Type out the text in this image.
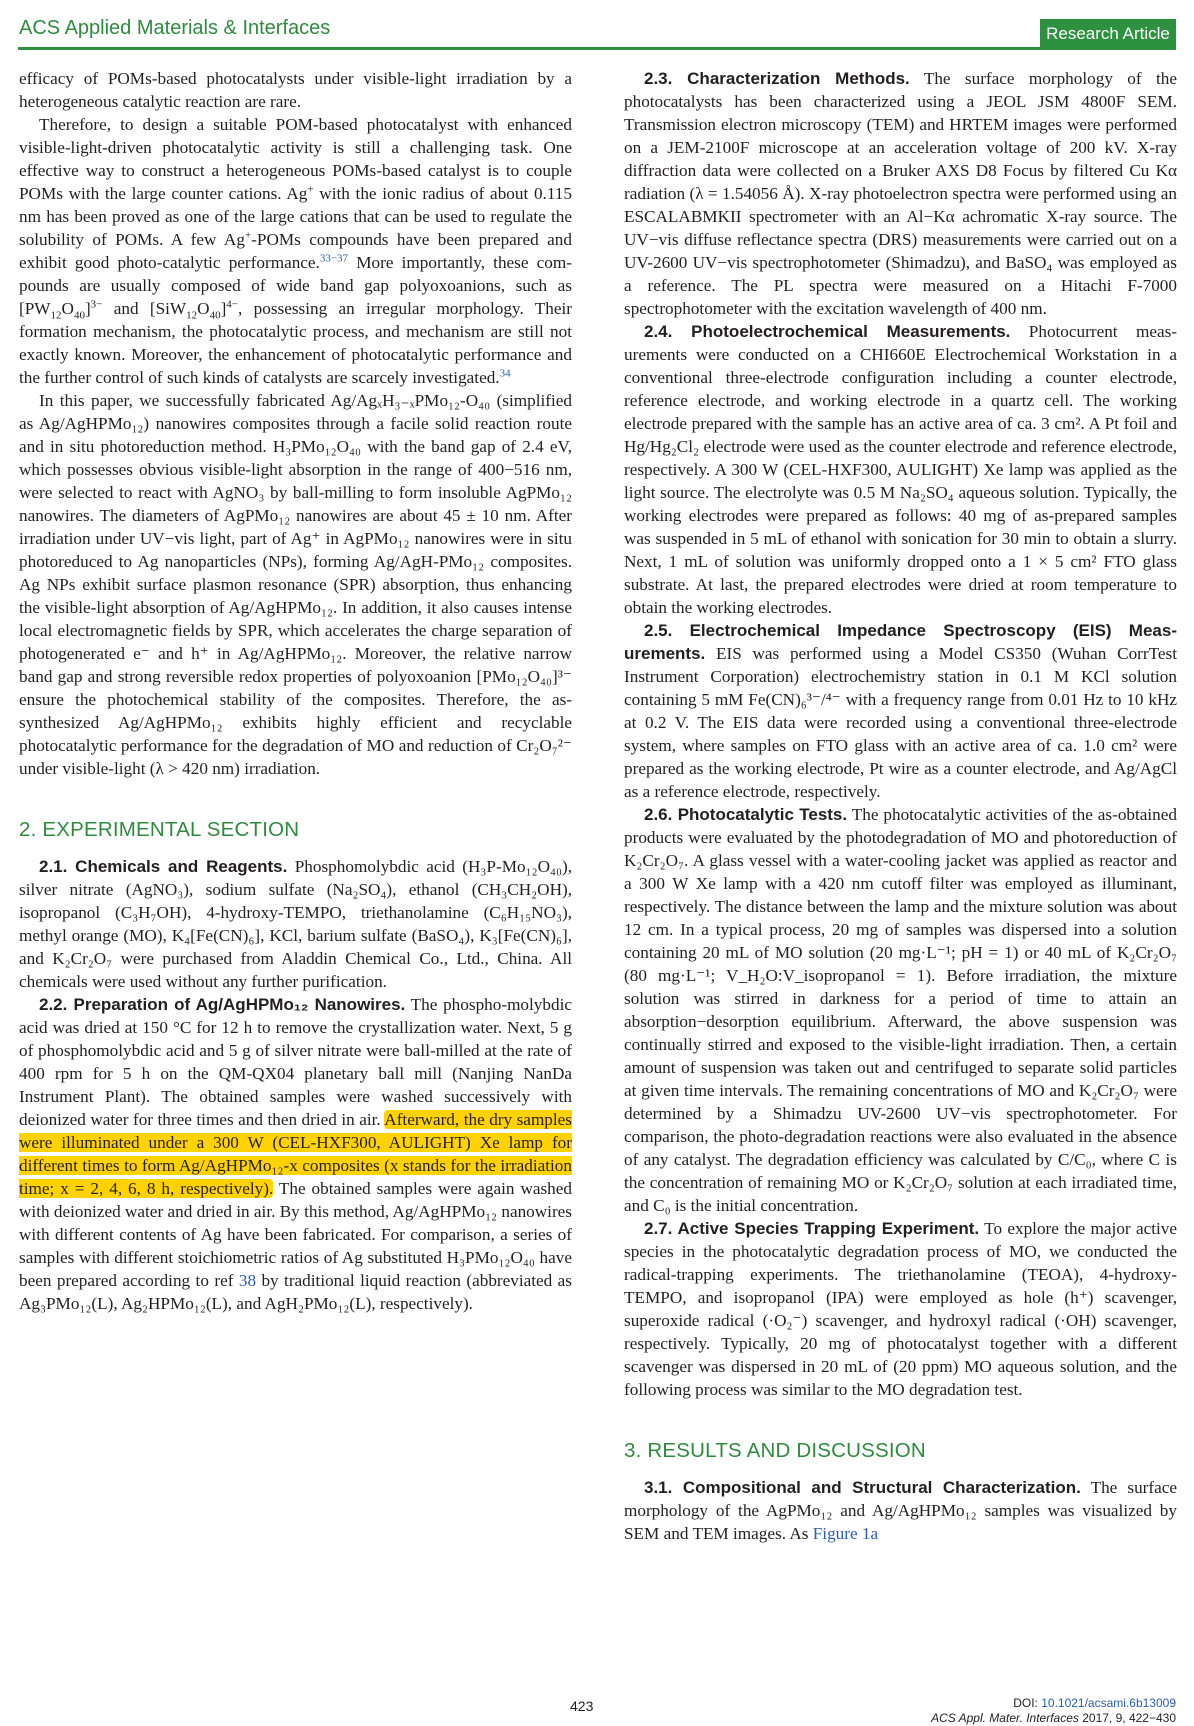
ACS Applied Materials & Interfaces	Research Article

efficacy of POMs-based photocatalysts under visible-light irradiation by a heterogeneous catalytic reaction are rare.

Therefore, to design a suitable POM-based photocatalyst with enhanced visible-light-driven photocatalytic activity is still a challenging task. One effective way to construct a heterogeneous POMs-based catalyst is to couple POMs with the large counter cations. Ag+ with the ionic radius of about 0.115 nm has been proved as one of the large cations that can be used to regulate the solubility of POMs. A few Ag+-POMs compounds have been prepared and exhibit good photo-catalytic performance.$^{33-37}$ More importantly, these com-pounds are usually composed of wide band gap polyoxoanions, such as $[PW_{12}O_{40}]^{3-}$ and $[SiW_{12}O_{40}]^{4-}$, possessing an irregular morphology. Their formation mechanism, the photocatalytic process, and mechanism are still not exactly known. Moreover, the enhancement of photocatalytic performance and the further control of such kinds of catalysts are scarcely investigated.$^{34}$

In this paper, we successfully fabricated Ag/AgₓH₃₋ₓPMo₁₂-O₄₀ (simplified as Ag/AgHPMo₁₂) nanowires composites through a facile solid reaction route and in situ photoreduction method. H₃PMo₁₂O₄₀ with the band gap of 2.4 eV, which possesses obvious visible-light absorption in the range of 400−516 nm, were selected to react with AgNO₃ by ball-milling to form insoluble AgPMo₁₂ nanowires. The diameters of AgPMo₁₂ nanowires are about 45 ± 10 nm. After irradiation under UV−vis light, part of Ag⁺ in AgPMo₁₂ nanowires were in situ photoreduced to Ag nanoparticles (NPs), forming Ag/AgH-PMo₁₂ composites. Ag NPs exhibit surface plasmon resonance (SPR) absorption, thus enhancing the visible-light absorption of Ag/AgHPMo₁₂. In addition, it also causes intense local electromagnetic fields by SPR, which accelerates the charge separation of photogenerated e⁻ and h⁺ in Ag/AgHPMo₁₂. Moreover, the relative narrow band gap and strong reversible redox properties of polyoxoanion [PMo₁₂O₄₀]³⁻ ensure the photochemical stability of the composites. Therefore, the as-synthesized Ag/AgHPMo₁₂ exhibits highly efficient and recyclable photocatalytic performance for the degradation of MO and reduction of Cr₂O₇²⁻ under visible-light (λ > 420 nm) irradiation.

2. EXPERIMENTAL SECTION

2.1. Chemicals and Reagents. Phosphomolybdic acid (H₃P-Mo₁₂O₄₀), silver nitrate (AgNO₃), sodium sulfate (Na₂SO₄), ethanol (CH₃CH₂OH), isopropanol (C₃H₇OH), 4-hydroxy-TEMPO, triethanolamine (C₆H₁₅NO₃), methyl orange (MO), K₄[Fe(CN)₆], KCl, barium sulfate (BaSO₄), K₃[Fe(CN)₆], and K₂Cr₂O₇ were purchased from Aladdin Chemical Co., Ltd., China. All chemicals were used without any further purification.

2.2. Preparation of Ag/AgHPMo₁₂ Nanowires. The phospho-molybdic acid was dried at 150 °C for 12 h to remove the crystallization water. Next, 5 g of phosphomolybdic acid and 5 g of silver nitrate were ball-milled at the rate of 400 rpm for 5 h on the QM-QX04 planetary ball mill (Nanjing NanDa Instrument Plant). The obtained samples were washed successively with deionized water for three times and then dried in air. Afterward, the dry samples were illuminated under a 300 W (CEL-HXF300, AULIGHT) Xe lamp for different times to form Ag/AgHPMo₁₂-x composites (x stands for the irradiation time; x = 2, 4, 6, 8 h, respectively). The obtained samples were again washed with deionized water and dried in air. By this method, Ag/AgHPMo₁₂ nanowires with different contents of Ag have been fabricated. For comparison, a series of samples with different stoichiometric ratios of Ag substituted H₃PMo₁₂O₄₀ have been prepared according to ref 38 by traditional liquid reaction (abbreviated as Ag₃PMo₁₂(L), Ag₂HPMo₁₂(L), and AgH₂PMo₁₂(L), respectively).

2.3. Characterization Methods. The surface morphology of the photocatalysts has been characterized using a JEOL JSM 4800F SEM. Transmission electron microscopy (TEM) and HRTEM images were performed on a JEM-2100F microscope at an acceleration voltage of 200 kV. X-ray diffraction data were collected on a Bruker AXS D8 Focus by filtered Cu Kα radiation (λ = 1.54056 Å). X-ray photoelectron spectra were performed using an ESCALABMKII spectrometer with an Al−Kα achromatic X-ray source. The UV−vis diffuse reflectance spectra (DRS) measurements were carried out on a UV-2600 UV−vis spectrophotometer (Shimadzu), and BaSO₄ was employed as a reference. The PL spectra were measured on a Hitachi F-7000 spectrophotometer with the excitation wavelength of 400 nm.

2.4. Photoelectrochemical Measurements. Photocurrent meas-urements were conducted on a CHI660E Electrochemical Workstation in a conventional three-electrode configuration including a counter electrode, reference electrode, and working electrode in a quartz cell. The working electrode prepared with the sample has an active area of ca. 3 cm². A Pt foil and Hg/Hg₂Cl₂ electrode were used as the counter electrode and reference electrode, respectively. A 300 W (CEL-HXF300, AULIGHT) Xe lamp was applied as the light source. The electrolyte was 0.5 M Na₂SO₄ aqueous solution. Typically, the working electrodes were prepared as follows: 40 mg of as-prepared samples was suspended in 5 mL of ethanol with sonication for 30 min to obtain a slurry. Next, 1 mL of solution was uniformly dropped onto a 1 × 5 cm² FTO glass substrate. At last, the prepared electrodes were dried at room temperature to obtain the working electrodes.

2.5. Electrochemical Impedance Spectroscopy (EIS) Meas-urements. EIS was performed using a Model CS350 (Wuhan CorrTest Instrument Corporation) electrochemistry station in 0.1 M KCl solution containing 5 mM Fe(CN)₆³⁻/⁴⁻ with a frequency range from 0.01 Hz to 10 kHz at 0.2 V. The EIS data were recorded using a conventional three-electrode system, where samples on FTO glass with an active area of ca. 1.0 cm² were prepared as the working electrode, Pt wire as a counter electrode, and Ag/AgCl as a reference electrode, respectively.

2.6. Photocatalytic Tests. The photocatalytic activities of the as-obtained products were evaluated by the photodegradation of MO and photoreduction of K₂Cr₂O₇. A glass vessel with a water-cooling jacket was applied as reactor and a 300 W Xe lamp with a 420 nm cutoff filter was employed as illuminant, respectively. The distance between the lamp and the mixture solution was about 12 cm. In a typical process, 20 mg of samples was dispersed into a solution containing 20 mL of MO solution (20 mg·L⁻¹; pH = 1) or 40 mL of K₂Cr₂O₇ (80 mg·L⁻¹; V_H₂O:V_isopropanol = 1). Before irradiation, the mixture solution was stirred in darkness for a period of time to attain an absorption−desorption equilibrium. Afterward, the above suspension was continually stirred and exposed to the visible-light irradiation. Then, a certain amount of suspension was taken out and centrifuged to separate solid particles at given time intervals. The remaining concentrations of MO and K₂Cr₂O₇ were determined by a Shimadzu UV-2600 UV−vis spectrophotometer. For comparison, the photo-degradation reactions were also evaluated in the absence of any catalyst. The degradation efficiency was calculated by C/C₀, where C is the concentration of remaining MO or K₂Cr₂O₇ solution at each irradiated time, and C₀ is the initial concentration.

2.7. Active Species Trapping Experiment. To explore the major active species in the photocatalytic degradation process of MO, we conducted the radical-trapping experiments. The triethanolamine (TEOA), 4-hydroxy-TEMPO, and isopropanol (IPA) were employed as hole (h⁺) scavenger, superoxide radical (·O₂⁻) scavenger, and hydroxyl radical (·OH) scavenger, respectively. Typically, 20 mg of photocatalyst together with a different scavenger was dispersed in 20 mL of (20 ppm) MO aqueous solution, and the following process was similar to the MO degradation test.

3. RESULTS AND DISCUSSION

3.1. Compositional and Structural Characterization. The surface morphology of the AgPMo₁₂ and Ag/AgHPMo₁₂ samples was visualized by SEM and TEM images. As Figure 1a

423	DOI: 10.1021/acsami.6b13009
ACS Appl. Mater. Interfaces 2017, 9, 422−430
